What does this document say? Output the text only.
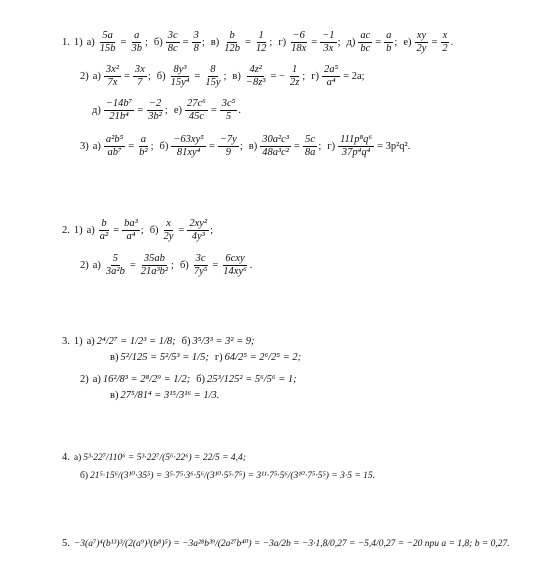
1. 1) $а) \frac{5a}{15b} = \frac{a}{3b}$ ; $б) \frac{3c}{8c} = \frac{3}{8}$ ; $в) \frac{b}{12b} = \frac{1}{12}$ ; $г) \frac{-6}{18x} = \frac{-1}{3x}$ ; $д) \frac{ac}{bc} = \frac{a}{b}$ ; $е) \frac{xy}{2y} = \frac{x}{2}$ .
2) $а) \frac{\text{3x²}}{7x} = \frac{3x}{7}$ ; $б) \frac{\text{8y³}}{\text{15y⁴}} = \frac{8}{15y}$ ; $в) \frac{\text{4z²}}{\text{−8z³}}$ = − $\frac{1}{2z}$ ; $г) \frac{\text{2a⁵}}{\text{a⁴}} = 2a$;
$д) \frac{\text{−14b⁷}}{\text{21b⁴}} = \frac{-2}{\text{3b²}}$ ; $е) \frac{\text{27c⁶}}{45c} = \frac{\text{3c⁵}}{5}$ .
3) $а) \frac{\text{a²b⁵}}{\text{ab⁷}} = \frac{a}{\text{b²}}$ ; $б) \frac{\text{−63xy⁵}}{\text{81xy⁴}} = \frac{-7y}{9}$ ; $в) \frac{\text{30a²c³}}{\text{48a³c²}} = \frac{5c}{8a}$ ; $г) \frac{\text{111p⁸q⁶}}{\text{37p⁴q⁴}} = 3p^2q^2$.
2. 1) $а) \frac{b}{\text{a²}} = \frac{\text{ba³}}{\text{a⁴}}$ ; $б) \frac{x}{2y} = \frac{\text{2xy²}}{\text{4y³}}$ ;
2) $а) \frac{5}{\text{3a²b}} = \frac{35ab}{\text{21a³b²}}$ ; $б) \frac{3c}{\text{7y⁵}} = \frac{\text{6cxy}}{\text{14xy⁶}}$ .
3. 1) а) 2⁴/2⁷ = 1/2³ = 1/8; б) 3⁵/3³ = 3² = 9;
в) 5²/125 = 5²/5³ = 1/5; г) 64/2⁵ = 2⁶/2⁵ = 2;
2) а) 16²/8³ = 2⁸/2⁹ = 1/2; б) 25³/125² = 5⁶/5⁶ = 1;
в) 27⁵/81⁴ = 3¹⁵/3¹⁶ = 1/3.
4. а) 5³·22⁷/110⁶ = 5³·22⁷/(5⁶·22⁶) = 22/5 = 4,4;
б) 21⁵·15⁶/(3¹⁰·35⁵) = 3⁵·7⁵·3⁶·5⁶/(3¹⁰·5⁵·7⁵) = 3¹¹·7⁵·5⁶/(3¹⁰·7⁵·5⁵) = 3·5 = 15.
5. −3(a⁷)⁴(b¹³)³/(2(a⁹)³(b⁸)⁵) = −3a²⁸b³⁹/(2a²⁷b⁴⁰) = −3a/2b = −3·1,8/0,27 = −5,4/0,27 = −20 при a = 1,8; b = 0,27.
